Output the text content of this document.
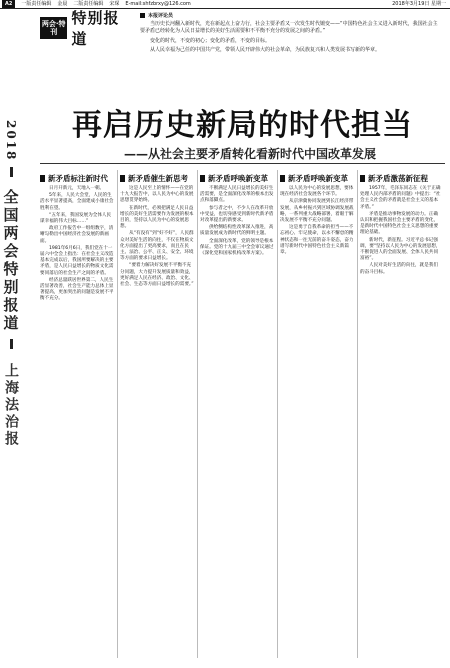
A2	一版责任编辑 金晨 二版责任编辑 宋琛 E-mail:shfzbrxy@126.com	2018年3月19日 星期一
2018
全国两会特别报道
上海法治报
两会·特刊
特别报道
本报评论员

当历史长河翻入新时代，光在新起点上奋力行，社会主要矛盾又一次发生时代嬗变——“中国特色社会主义进入新时代，我国社会主要矛盾已经转化为人民日益增长的美好生活需要和不平衡不充分的发展之间的矛盾。”

变化的时代，不变的初心；变化的矛盾，不变的目标。

从人民幸福为己任的中国共产党，带领人民开辟伟大的社会革命，为民族复兴和人类发展书写新的华章。

再启历史新局的时代担当
——从社会主要矛盾转化看新时代中国改革发展
新矛盾标注新时代

日月开新元，天地入一朝。

5年来，人民大会堂，人民的生活水平显著提高，全面建成小康社会胜利在望。

“五年来，我国发展为全体人民谋幸福的伟大目标……”

政府工作报告中一组组数字，清晰勾勒出中国经济社会发展的新画面。

1981年6月6日，我们党在十一届六中全会上指出：在社会主义改造基本完成以后，我国所要解决的主要矛盾，是人民日益增长的物质文化需要同落后的社会生产之间的矛盾。

经济总量跃居世界第二，人民生活显著改善，社会生产能力总体上显著提高，更加突出的问题是发展不平衡不充分。

新矛盾催生新思考

这是人民至上的情怀——在党的十九大报告中，以人民为中心的发展思想贯穿始终。

在新时代，必须把满足人民日益增长的美好生活需要作为发展的根本目的，坚持以人民为中心的发展思想。

从“有没有”到“好不好”，人民群众对美好生活的向往，不仅在物质文化方面提出了更高要求，而且在民主、法治、公平、正义、安全、环境等方面的要求日益增长。

“要着力解决好发展不平衡不充分问题，大力提升发展质量和效益，更好满足人民在经济、政治、文化、社会、生态等方面日益增长的需要。”

新矛盾呼唤新变革

不断满足人民日益增长的美好生活需要，是全面深化改革的根本出发点和落脚点。

参与者之中，不少人在改革开放中受益，也切身感受到新时代新矛盾对改革提出的新要求。

供给侧结构性改革深入推进，高质量发展成为新时代的鲜明主题。

全面深化改革，党的领导是根本保证。党的十九届三中全会审议通过《深化党和国家机构改革方案》。

新矛盾呼唤新变革

以人民为中心的发展思想，要体现在经济社会发展各个环节。

从京津冀协同发展到长江经济带发展，从乡村振兴到区域协调发展战略，一系列重大战略部署，着眼于解决发展不平衡不充分问题。

这是勇于自我革命的担当——不忘初心、牢记使命，以永不懈怠的精神状态和一往无前的奋斗姿态，奋力谱写新时代中国特色社会主义新篇章。

新矛盾激荡新征程

1957年，毛泽东同志在《关于正确处理人民内部矛盾的问题》中提出：“社会主义社会的矛盾就是社会主义的基本矛盾。”

矛盾是推动事物发展的动力。正确认识和把握我国社会主要矛盾的变化，是新时代中国特色社会主义思想的重要理论基础。

新时代，新征程。习近平总书记强调，要“坚持以人民为中心的发展思想，不断促进人的全面发展、全体人民共同富裕”。

人民对美好生活的向往，就是我们的奋斗目标。
